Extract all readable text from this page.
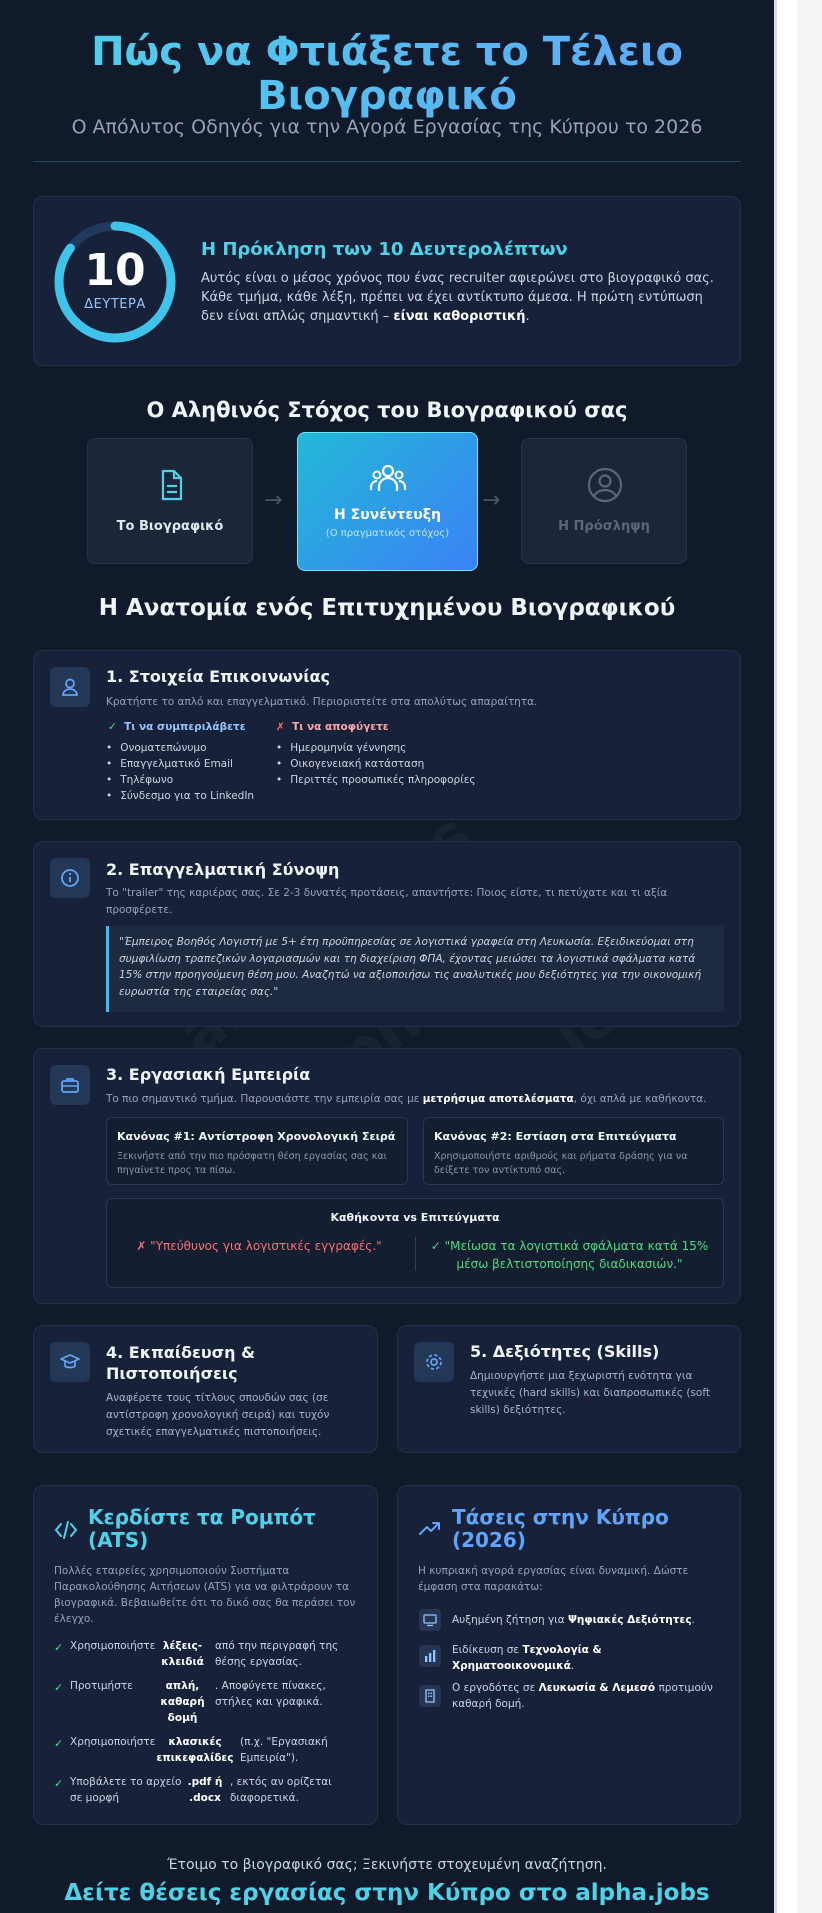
Πώς να Φτιάξετε το Τέλειο
Βιογραφικό
Ο Απόλυτος Οδηγός για την Αγορά Εργασίας της Κύπρου το 2026
10
ΔΕΥΤΕΡΑ
Η Πρόκληση των 10 Δευτερολέπτων
Αυτός είναι ο μέσος χρόνος που ένας recruiter αφιερώνει στο βιογραφικό σας. Κάθε τμήμα, κάθε λέξη, πρέπει να έχει αντίκτυπο άμεσα. Η πρώτη εντύπωση δεν είναι απλώς σημαντική – είναι καθοριστική.
Ο Αληθινός Στόχος του Βιογραφικού σας
Το Βιογραφικό
→
Η Συνέντευξη
(Ο πραγματικός στόχος)
→
Η Πρόσληψη
Η Ανατομία ενός Επιτυχημένου Βιογραφικού
1. Στοιχεία Επικοινωνίας
Κρατήστε το απλό και επαγγελματικό. Περιοριστείτε στα απολύτως απαραίτητα.
✓  Τι να συμπεριλάβετε
• Ονοματεπώνυμο
• Επαγγελματικό Email
• Τηλέφωνο
• Σύνδεσμο για το LinkedIn
✗  Τι να αποφύγετε
• Ημερομηνία γέννησης
• Οικογενειακή κατάσταση
• Περιττές προσωπικές πληροφορίες
2. Επαγγελματική Σύνοψη
Το "trailer" της καριέρας σας. Σε 2-3 δυνατές προτάσεις, απαντήστε: Ποιος είστε, τι πετύχατε και τι αξία προσφέρετε.
"Έμπειρος Βοηθός Λογιστή με 5+ έτη προϋπηρεσίας σε λογιστικά γραφεία στη Λευκωσία. Εξειδικεύομαι στη συμφιλίωση τραπεζικών λογαριασμών και τη διαχείριση ΦΠΑ, έχοντας μειώσει τα λογιστικά σφάλματα κατά 15% στην προηγούμενη θέση μου. Αναζητώ να αξιοποιήσω τις αναλυτικές μου δεξιότητες για την οικονομική ευρωστία της εταιρείας σας."
3. Εργασιακή Εμπειρία
Το πιο σημαντικό τμήμα. Παρουσιάστε την εμπειρία σας με μετρήσιμα αποτελέσματα, όχι απλά με καθήκοντα.
Κανόνας #1: Αντίστροφη Χρονολογική Σειρά
Ξεκινήστε από την πιο πρόσφατη θέση εργασίας σας και πηγαίνετε προς τα πίσω.
Κανόνας #2: Εστίαση στα Επιτεύγματα
Χρησιμοποιήστε αριθμούς και ρήματα δράσης για να δείξετε τον αντίκτυπό σας.
Καθήκοντα vs Επιτεύγματα
✗ "Υπεύθυνος για λογιστικές εγγραφές."	✓ "Μείωσα τα λογιστικά σφάλματα κατά 15% μέσω βελτιστοποίησης διαδικασιών."
4. Εκπαίδευση &
Πιστοποιήσεις
Αναφέρετε τους τίτλους σπουδών σας (σε αντίστροφη χρονολογική σειρά) και τυχόν σχετικές επαγγελματικές πιστοποιήσεις.
5. Δεξιότητες (Skills)
Δημιουργήστε μια ξεχωριστή ενότητα για τεχνικές (hard skills) και διαπροσωπικές (soft skills) δεξιότητες.
Κερδίστε τα Ρομπότ
(ATS)
Πολλές εταιρείες χρησιμοποιούν Συστήματα Παρακολούθησης Αιτήσεων (ATS) για να φιλτράρουν τα βιογραφικά. Βεβαιωθείτε ότι το δικό σας θα περάσει τον έλεγχο.
✓ Χρησιμοποιήστε λέξεις-κλειδιά
από την περιγραφή της θέσης εργασίας.
✓ Προτιμήστε	απλή, καθαρή δομή
. Αποφύγετε πίνακες, στήλες και γραφικά.
✓ Χρησιμοποιήστε	κλασικές επικεφαλίδες
(π.χ. "Εργασιακή Εμπειρία").
✓ Υποβάλετε το αρχείο σε μορφή
.pdf ή .docx
, εκτός αν ορίζεται διαφορετικά.
Τάσεις στην Κύπρο
(2026)
Η κυπριακή αγορά εργασίας είναι δυναμική. Δώστε έμφαση στα παρακάτω:
Αυξημένη ζήτηση για Ψηφιακές Δεξιότητες.
Ειδίκευση σε Τεχνολογία & Χρηματοοικονομικά.
Ο εργοδότες σε Λευκωσία & Λεμεσό προτιμούν καθαρή δομή.
Έτοιμο το βιογραφικό σας; Ξεκινήστε στοχευμένη αναζήτηση.
Δείτε θέσεις εργασίας στην Κύπρο στο alpha.jobs
